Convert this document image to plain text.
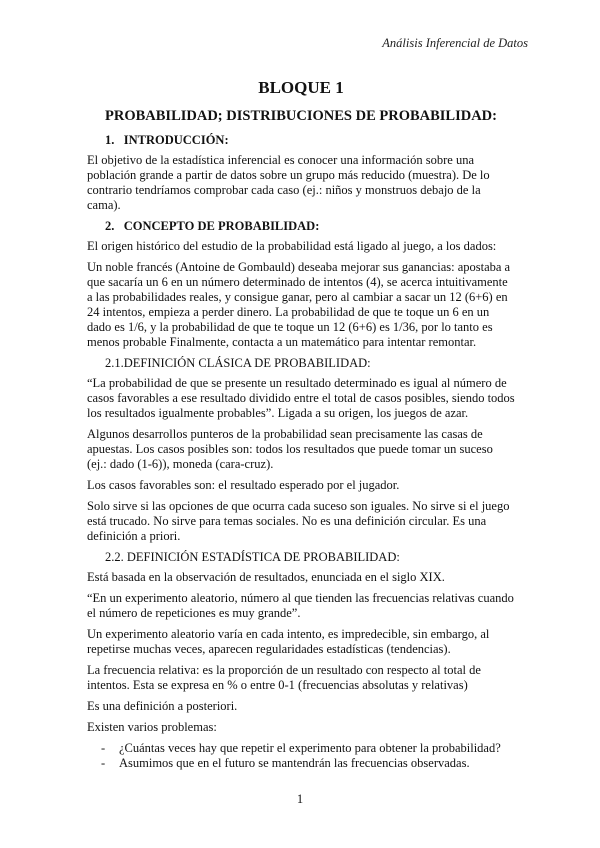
Análisis Inferencial de Datos
BLOQUE 1
PROBABILIDAD; DISTRIBUCIONES DE PROBABILIDAD:
1.   INTRODUCCIÓN:

El objetivo de la estadística inferencial es conocer una información sobre una población grande a partir de datos sobre un grupo más reducido (muestra). De lo contrario tendríamos comprobar cada caso (ej.: niños y monstruos debajo de la cama).

2.   CONCEPTO DE PROBABILIDAD:

El origen histórico del estudio de la probabilidad está ligado al juego, a los dados:

Un noble francés (Antoine de Gombauld) deseaba mejorar sus ganancias: apostaba a que sacaría un 6 en un número determinado de intentos (4), se acerca intuitivamente a las probabilidades reales, y consigue ganar, pero al cambiar a sacar un 12 (6+6) en 24 intentos, empieza a perder dinero. La probabilidad de que te toque un 6 en un dado es 1/6, y la probabilidad de que te toque un 12 (6+6) es 1/36, por lo tanto es menos probable Finalmente, contacta a un matemático para intentar remontar.

2.1.DEFINICIÓN CLÁSICA DE PROBABILIDAD:

“La probabilidad de que se presente un resultado determinado es igual al número de casos favorables a ese resultado dividido entre el total de casos posibles, siendo todos los resultados igualmente probables”. Ligada a su origen, los juegos de azar.

Algunos desarrollos punteros de la probabilidad sean precisamente las casas de apuestas. Los casos posibles son: todos los resultados que puede tomar un suceso (ej.: dado (1-6)), moneda (cara-cruz).

Los casos favorables son: el resultado esperado por el jugador.

Solo sirve si las opciones de que ocurra cada suceso son iguales. No sirve si el juego está trucado. No sirve para temas sociales. No es una definición circular. Es una definición a priori.

2.2. DEFINICIÓN ESTADÍSTICA DE PROBABILIDAD:

Está basada en la observación de resultados, enunciada en el siglo XIX.

“En un experimento aleatorio, número al que tienden las frecuencias relativas cuando el número de repeticiones es muy grande”.

Un experimento aleatorio varía en cada intento, es impredecible, sin embargo, al repetirse muchas veces, aparecen regularidades estadísticas (tendencias).

La frecuencia relativa: es la proporción de un resultado con respecto al total de intentos. Esta se expresa en % o entre 0-1 (frecuencias absolutas y relativas)

Es una definición a posteriori.

Existen varios problemas:

- ¿Cuántas veces hay que repetir el experimento para obtener la probabilidad?
- Asumimos que en el futuro se mantendrán las frecuencias observadas.
1
